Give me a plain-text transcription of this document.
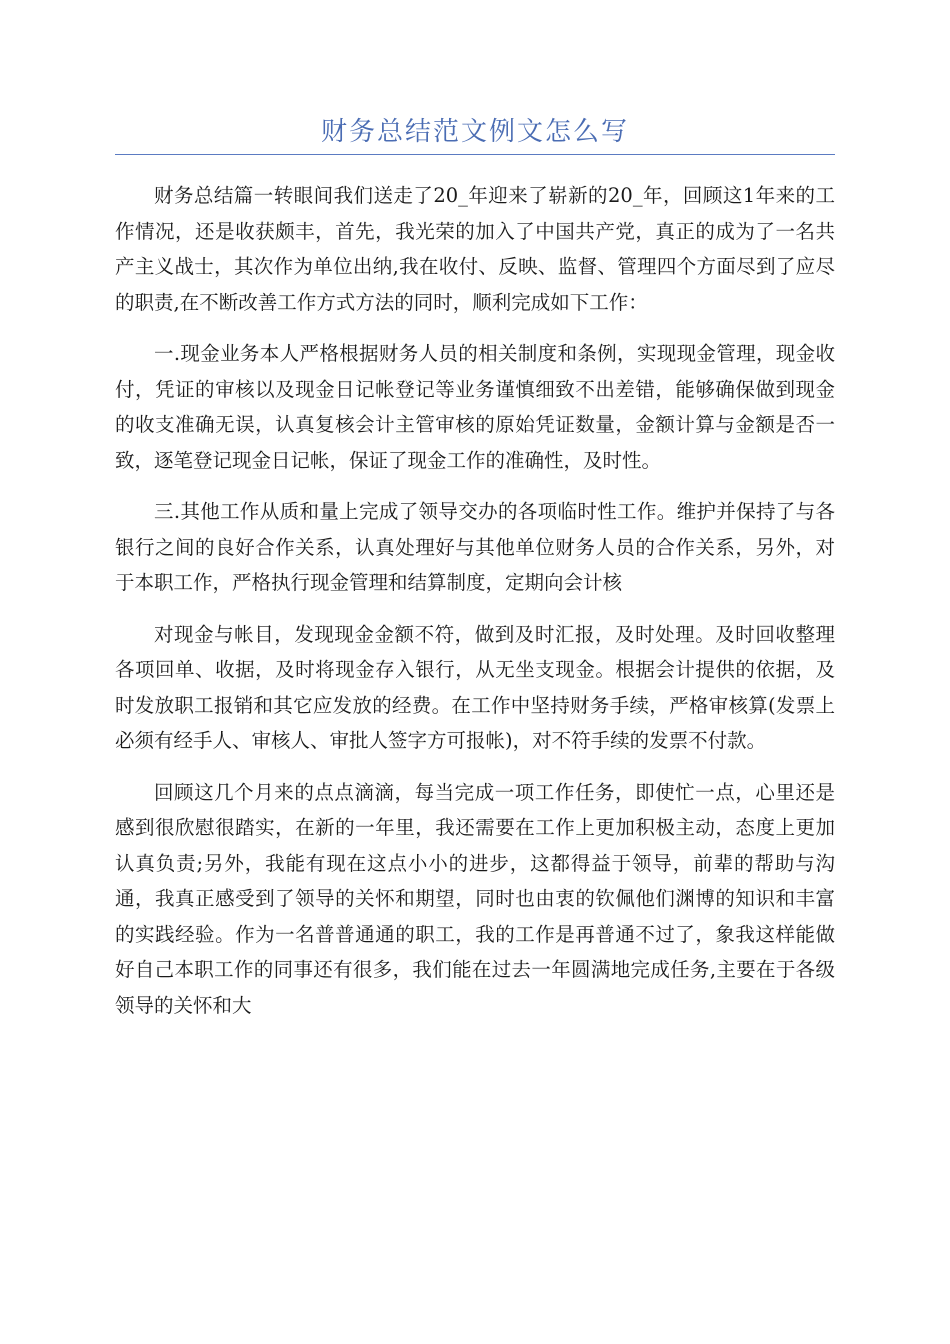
财务总结范文例文怎么写

财务总结篇一转眼间我们送走了20_年迎来了崭新的20_年，回顾这1年来的工作情况，还是收获颇丰，首先，我光荣的加入了中国共产党，真正的成为了一名共产主义战士，其次作为单位出纳,我在收付、反映、监督、管理四个方面尽到了应尽的职责,在不断改善工作方式方法的同时，顺利完成如下工作：

一.现金业务本人严格根据财务人员的相关制度和条例，实现现金管理，现金收付，凭证的审核以及现金日记帐登记等业务谨慎细致不出差错，能够确保做到现金的收支准确无误，认真复核会计主管审核的原始凭证数量，金额计算与金额是否一致，逐笔登记现金日记帐，保证了现金工作的准确性，及时性。

三.其他工作从质和量上完成了领导交办的各项临时性工作。维护并保持了与各银行之间的良好合作关系，认真处理好与其他单位财务人员的合作关系，另外，对于本职工作，严格执行现金管理和结算制度，定期向会计核

对现金与帐目，发现现金金额不符，做到及时汇报，及时处理。及时回收整理各项回单、收据，及时将现金存入银行，从无坐支现金。根据会计提供的依据，及时发放职工报销和其它应发放的经费。在工作中坚持财务手续，严格审核算(发票上必须有经手人、审核人、审批人签字方可报帐)，对不符手续的发票不付款。

回顾这几个月来的点点滴滴，每当完成一项工作任务，即使忙一点，心里还是感到很欣慰很踏实，在新的一年里，我还需要在工作上更加积极主动，态度上更加认真负责;另外，我能有现在这点小小的进步，这都得益于领导，前辈的帮助与沟通，我真正感受到了领导的关怀和期望，同时也由衷的钦佩他们渊博的知识和丰富的实践经验。作为一名普普通通的职工，我的工作是再普通不过了，象我这样能做好自己本职工作的同事还有很多，我们能在过去一年圆满地完成任务,主要在于各级领导的关怀和大
